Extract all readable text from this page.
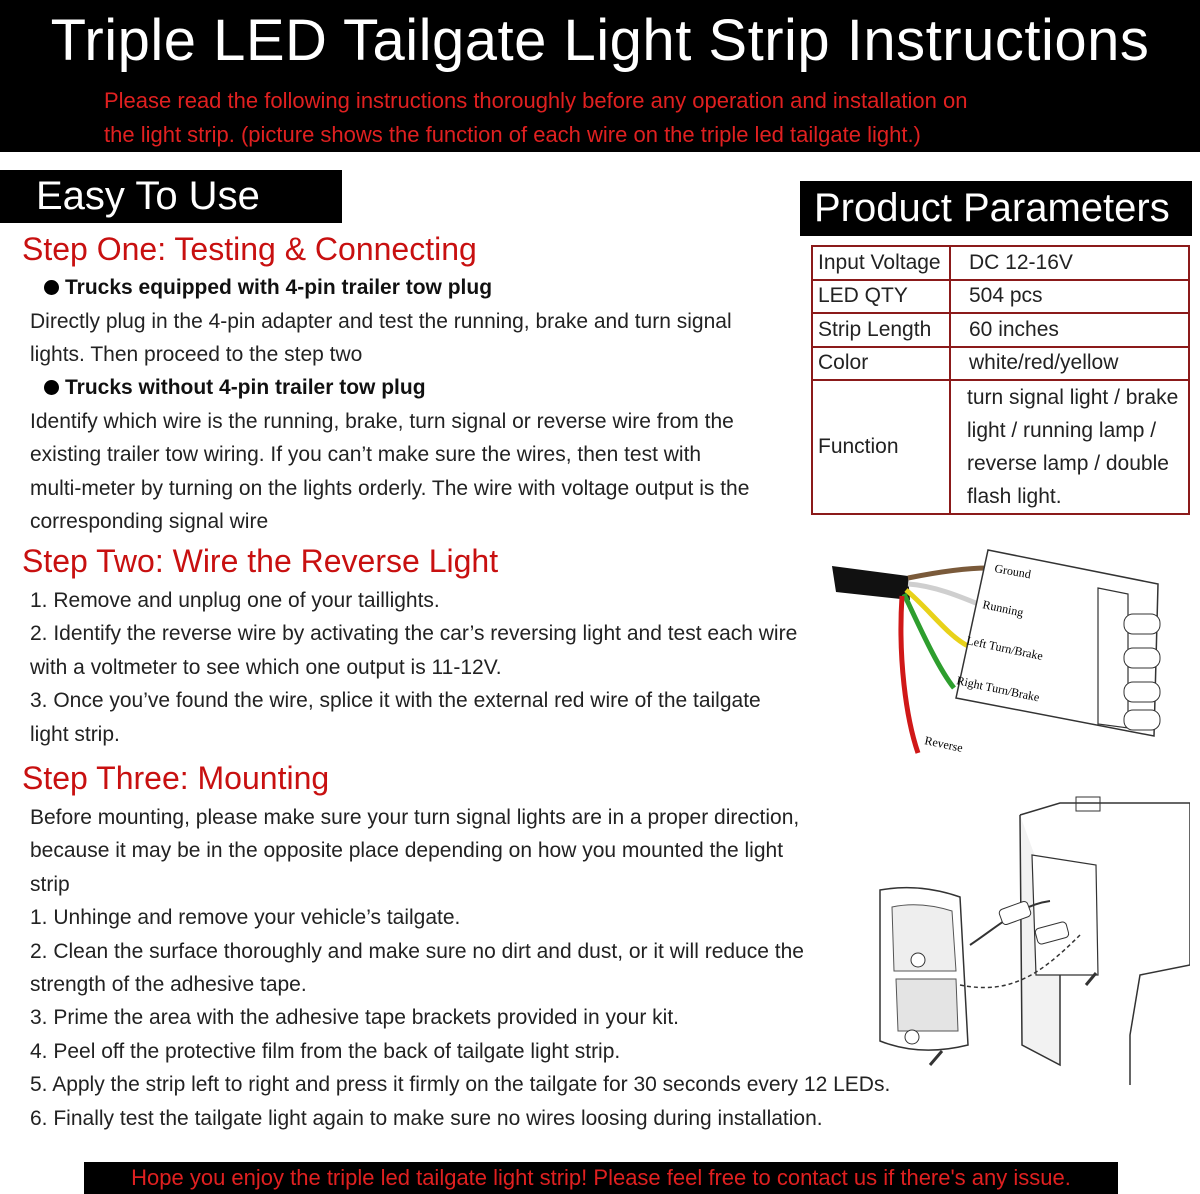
Triple LED Tailgate Light Strip Instructions
Please read the following instructions thoroughly before any operation and installation on
the light strip. (picture shows the function of each wire on the triple led tailgate light.)
Easy To Use	Product Parameters
Input Voltage	DC 12-16V
LED QTY	504 pcs
Strip Length	60 inches
Color	white/red/yellow
Function	turn signal light / brake
light / running lamp /
reverse lamp / double
flash light.
Step One: Testing & Connecting
Trucks equipped with 4-pin trailer tow plug
Directly plug in the 4-pin adapter and test the running, brake and turn signal
lights. Then proceed to the step two
Trucks without 4-pin trailer tow plug
Identify which wire is the running, brake, turn signal or reverse wire from the
existing trailer tow wiring. If you can’t make sure the wires, then test with
multi-meter by turning on the lights orderly. The wire with voltage output is the
corresponding signal wire
Step Two: Wire the Reverse Light
1. Remove and unplug one of your taillights.
2. Identify the reverse wire by activating the car’s reversing light and test each wire
with a voltmeter to see which one output is 11-12V.
3. Once you’ve found the wire, splice it with the external red wire of the tailgate
light strip.
Step Three: Mounting
Before mounting, please make sure your turn signal lights are in a proper direction,
because it may be in the opposite place depending on how you mounted the light
strip
1. Unhinge and remove your vehicle’s tailgate.
2. Clean the surface thoroughly and make sure no dirt and dust, or it will reduce the
strength of the adhesive tape.
3. Prime the area with the adhesive tape brackets provided in your kit.
4. Peel off the protective film from the back of tailgate light strip.
5. Apply the strip left to right and press it firmly on the tailgate for 30 seconds every 12 LEDs.
6. Finally test the tailgate light again to make sure no wires loosing during installation.
Ground
Running
Left Turn/Brake
Right Turn/Brake
Reverse
Hope you enjoy the triple led tailgate light strip! Please feel free to contact us if there's any issue.
